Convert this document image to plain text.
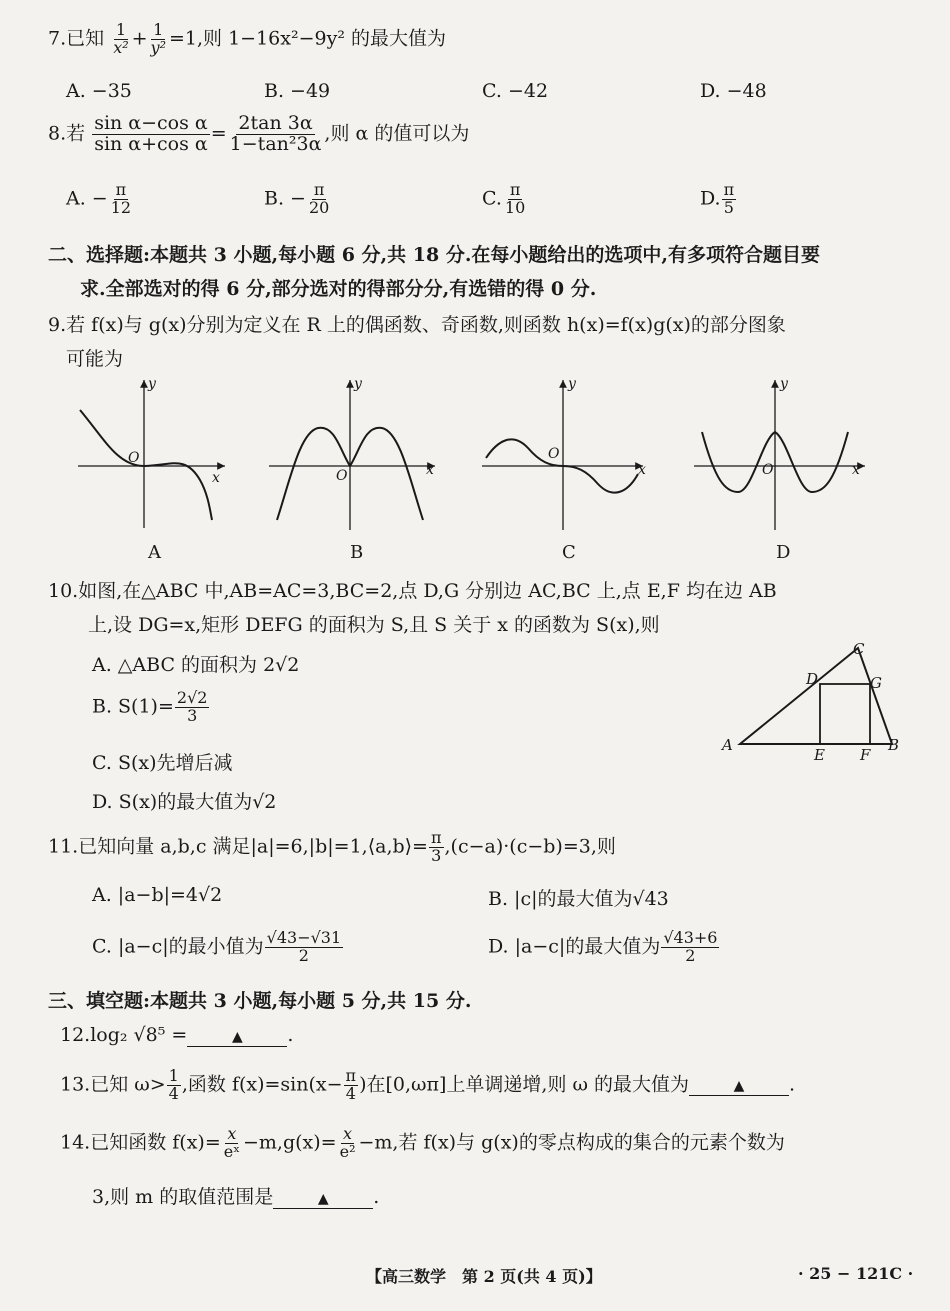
7.已知 $\frac{1}{\text{x²}} + \frac{1}{\text{y²}} =1$,则 1−16x²−9y² 的最大值为
A. −35	B. −49	C. −42	D. −48
8.若 $\frac{\text{sin α−cos α}}{\text{sin α+cos α}} = \frac{2\tan 3\alpha}{\text{1−tan²3α}}$ ,则 α 的值可以为
A. − $\frac{\pi}{12}$	B. − $\frac{\pi}{20}$	C. $\frac{\pi}{10}$	D. $\frac{\pi}{5}$
二、选择题:本题共 3 小题,每小题 6 分,共 18 分.在每小题给出的选项中,有多项符合题目要
求.全部选对的得 6 分,部分选对的得部分分,有选错的得 0 分.
9.若 f(x)与 g(x)分别为定义在 R 上的偶函数、奇函数,则函数 h(x)=f(x)g(x)的部分图象
可能为
y
x
O
y
x
O
y
x
O
y
x
O
A	B	C	D
10.如图,在△ABC 中,AB=AC=3,BC=2,点 D,G 分别边 AC,BC 上,点 E,F 均在边 AB
上,设 DG=x,矩形 DEFG 的面积为 S,且 S 关于 x 的函数为 S(x),则
A. △ABC 的面积为 2√2
B. $S(1)= \frac{2√2}{3}$
C. S(x)先增后减
D. S(x)的最大值为√2
A	B
C
D
E F
G
11.已知向量 a,b,c 满足|a|=6,|b|=1,⟨a,b⟩= $\frac{\pi}{3} ,(c-a)\cdot(c-b)=3$,则
A. |a−b|=4√2	B. |c|的最大值为√43
C. |a−c|的最小值为 $\frac{√43-√31}{2}$	D. |a−c|的最大值为 $\frac{√43+6}{2}$
三、填空题:本题共 3 小题,每小题 5 分,共 15 分.
12.log₂ √8⁵ =	▲ .
13.已知 $\omega> \frac{1}{4}$ ,函数 $f(x)=\sin(x- \frac{\pi}{4}$ )在[0,ωπ]上单调递增,则 ω 的最大值为	▲ .
14.已知函数 $f(x)= \frac{x}{\text{eˣ}} -m,g(x)= \frac{x}{\text{e²}} -m$,若 f(x)与 g(x)的零点构成的集合的元素个数为
3,则 m 的取值范围是	▲ .
【高三数学　第 2 页(共 4 页)】	· 25 − 121C ·
